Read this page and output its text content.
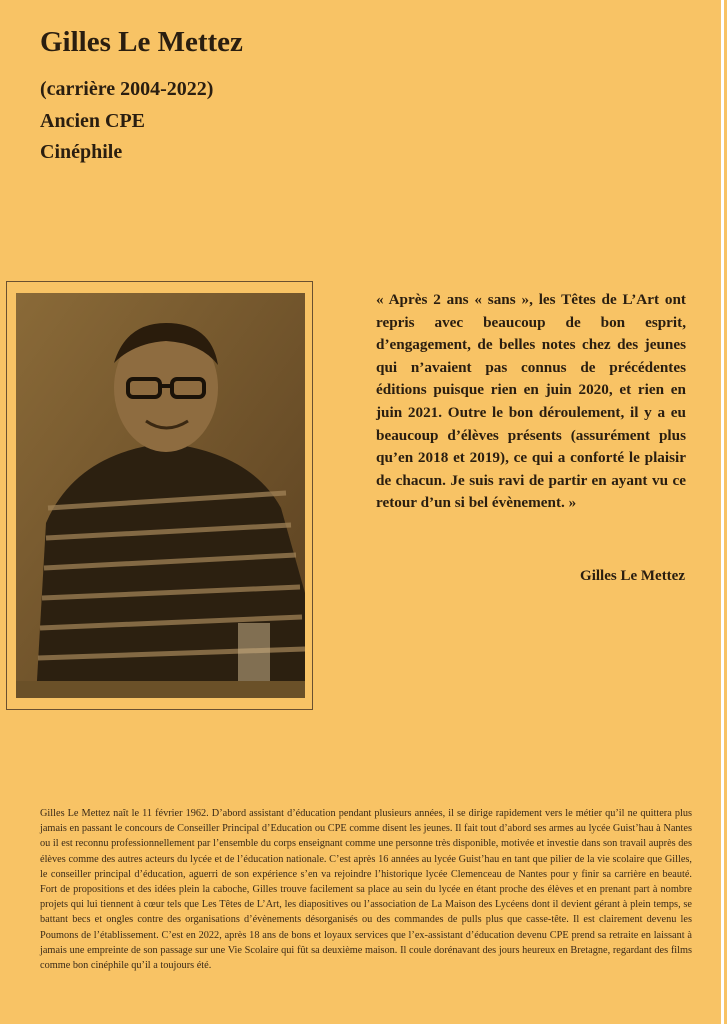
Gilles Le Mettez
(carrière 2004-2022)
Ancien CPE
Cinéphile

« Après 2 ans « sans », les Têtes de L’Art ont repris avec beaucoup de bon esprit, d’engagement, de belles notes chez des jeunes qui n’avaient pas connus de précédentes éditions puisque rien en juin 2020, et rien en juin 2021. Outre le bon déroulement, il y a eu beaucoup d’élèves présents (assurément plus qu’en 2018 et 2019), ce qui a conforté le plaisir de chacun. Je suis ravi de partir en ayant vu ce retour d’un si bel évènement. »

Gilles Le Mettez

Gilles Le Mettez naît le 11 février 1962. D’abord assistant d’éducation pendant plusieurs années, il se dirige rapidement vers le métier qu’il ne quittera plus jamais en passant le concours de Conseiller Principal d’Education ou CPE comme disent les jeunes. Il fait tout d’abord ses armes au lycée Guist’hau à Nantes ou il est reconnu professionnellement par l’ensemble du corps enseignant comme une personne très disponible, motivée et investie dans son travail auprès des élèves comme des autres acteurs du lycée et de l’éducation nationale. C’est après 16 années au lycée Guist’hau en tant que pilier de la vie scolaire que Gilles, le conseiller principal d’éducation, aguerri de son expérience s’en va rejoindre l’historique lycée Clemenceau de Nantes pour y finir sa carrière en beauté. Fort de propositions et des idées plein la caboche, Gilles trouve facilement sa place au sein du lycée en étant proche des élèves et en prenant part à nombre projets qui lui tiennent à cœur tels que Les Têtes de L’Art, les diapositives ou l’association de La Maison des Lycéens dont il devient gérant à plein temps, se battant becs et ongles contre des organisations d’évènements désorganisés ou des commandes de pulls plus que casse-tête. Il est clairement devenu les Poumons de l’établissement. C’est en 2022, après 18 ans de bons et loyaux services que l’ex-assistant d’éducation devenu CPE prend sa retraite en laissant à jamais une empreinte de son passage sur une Vie Scolaire qui fût sa deuxième maison. Il coule dorénavant des jours heureux en Bretagne, regardant des films comme bon cinéphile qu’il a toujours été.
